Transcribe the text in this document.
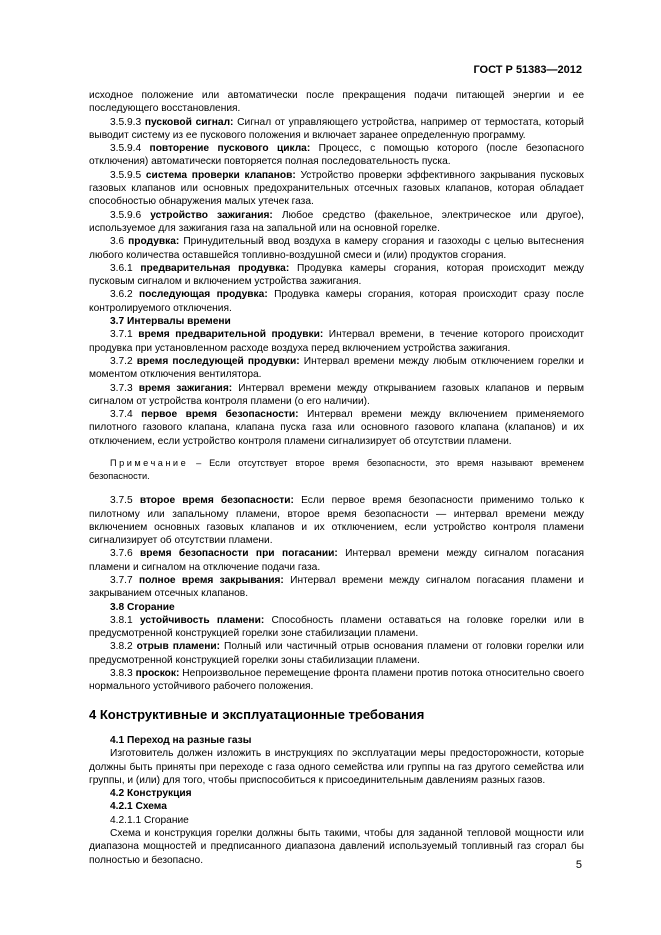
ГОСТ Р 51383—2012

исходное положение или автоматически после прекращения подачи питающей энергии и ее последующего восстановления.

3.5.9.3 пусковой сигнал: Сигнал от управляющего устройства, например от термостата, который выводит систему из ее пускового положения и включает заранее определенную программу.

3.5.9.4 повторение пускового цикла: Процесс, с помощью которого (после безопасного отключения) автоматически повторяется полная последовательность пуска.

3.5.9.5 система проверки клапанов: Устройство проверки эффективного закрывания пусковых газовых клапанов или основных предохранительных отсечных газовых клапанов, которая обладает способностью обнаружения малых утечек газа.

3.5.9.6 устройство зажигания: Любое средство (факельное, электрическое или другое), используемое для зажигания газа на запальной или на основной горелке.

3.6 продувка: Принудительный ввод воздуха в камеру сгорания и газоходы с целью вытеснения любого количества оставшейся топливно-воздушной смеси и (или) продуктов сгорания.

3.6.1 предварительная продувка: Продувка камеры сгорания, которая происходит между пусковым сигналом и включением устройства зажигания.

3.6.2 последующая продувка: Продувка камеры сгорания, которая происходит сразу после контролируемого отключения.

3.7 Интервалы времени

3.7.1 время предварительной продувки: Интервал времени, в течение которого происходит продувка при установленном расходе воздуха перед включением устройства зажигания.

3.7.2 время последующей продувки: Интервал времени между любым отключением горелки и моментом отключения вентилятора.

3.7.3 время зажигания: Интервал времени между открыванием газовых клапанов и первым сигналом от устройства контроля пламени (о его наличии).

3.7.4 первое время безопасности: Интервал времени между включением применяемого пилотного газового клапана, клапана пуска газа или основного газового клапана (клапанов) и их отключением, если устройство контроля пламени сигнализирует об отсутствии пламени.

Примечание – Если отсутствует второе время безопасности, это время называют временем безопасности.

3.7.5 второе время безопасности: Если первое время безопасности применимо только к пилотному или запальному пламени, второе время безопасности — интервал времени между включением основных газовых клапанов и их отключением, если устройство контроля пламени сигнализирует об отсутствии пламени.

3.7.6 время безопасности при погасании: Интервал времени между сигналом погасания пламени и сигналом на отключение подачи газа.

3.7.7 полное время закрывания: Интервал времени между сигналом погасания пламени и закрыванием отсечных клапанов.

3.8 Сгорание

3.8.1 устойчивость пламени: Способность пламени оставаться на головке горелки или в предусмотренной конструкцией горелки зоне стабилизации пламени.

3.8.2 отрыв пламени: Полный или частичный отрыв основания пламени от головки горелки или предусмотренной конструкцией горелки зоны стабилизации пламени.

3.8.3 проскок: Непроизвольное перемещение фронта пламени против потока относительно своего нормального устойчивого рабочего положения.

4 Конструктивные и эксплуатационные требования

4.1 Переход на разные газы

Изготовитель должен изложить в инструкциях по эксплуатации меры предосторожности, которые должны быть приняты при переходе с газа одного семейства или группы на газ другого семейства или группы, и (или) для того, чтобы приспособиться к присоединительным давлениям разных газов.

4.2 Конструкция

4.2.1 Схема

4.2.1.1 Сгорание

Схема и конструкция горелки должны быть такими, чтобы для заданной тепловой мощности или диапазона мощностей и предписанного диапазона давлений используемый топливный газ сгорал бы полностью и безопасно.	5
